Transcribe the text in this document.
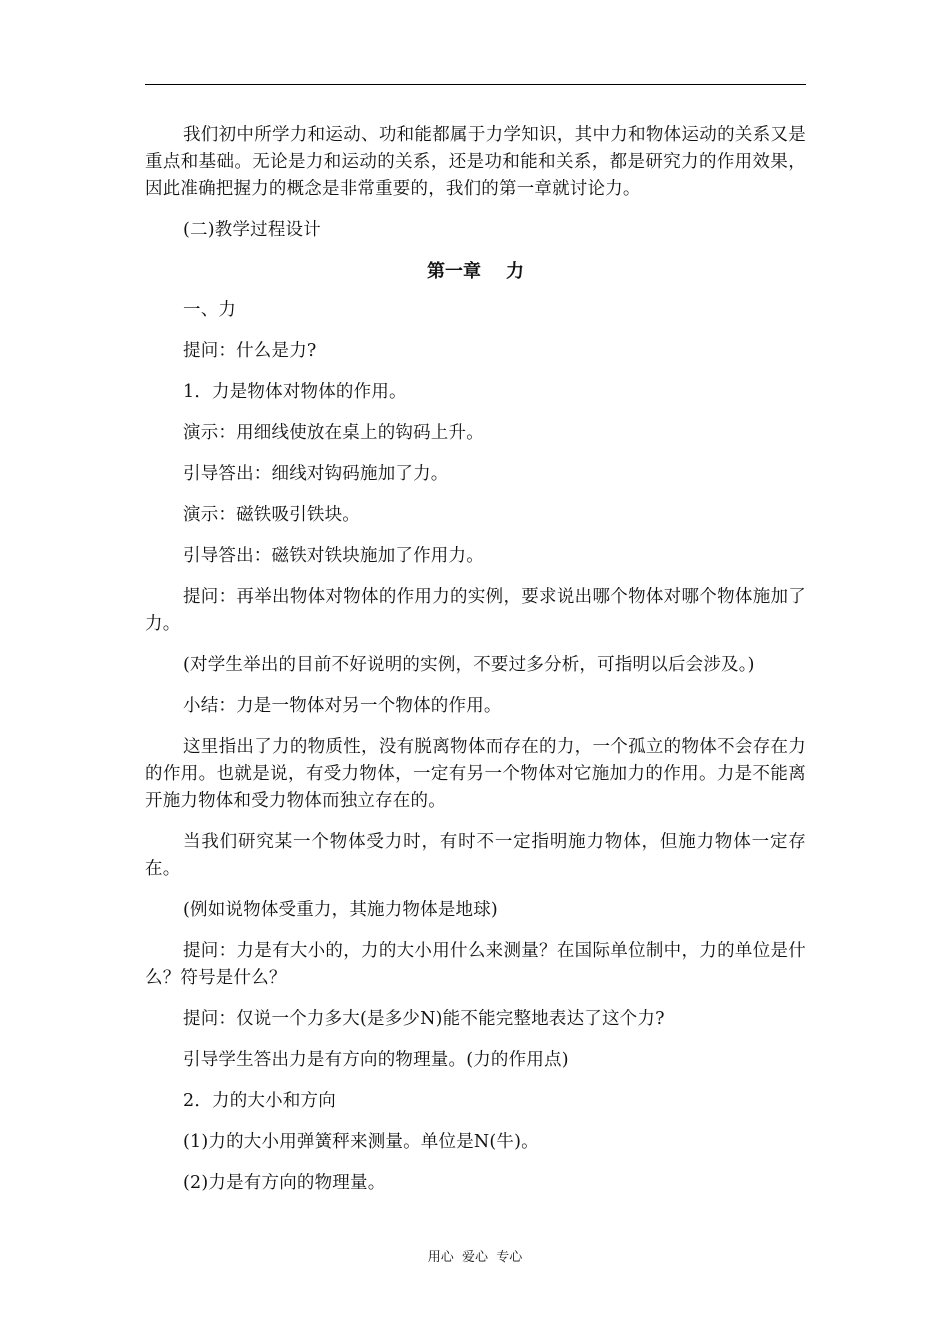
我们初中所学力和运动、功和能都属于力学知识，其中力和物体运动的关系又是重点和基础。无论是力和运动的关系，还是功和能和关系，都是研究力的作用效果，因此准确把握力的概念是非常重要的，我们的第一章就讨论力。

(二)教学过程设计

第一章    力

一、力

提问：什么是力?

1．力是物体对物体的作用。

演示：用细线使放在桌上的钩码上升。

引导答出：细线对钩码施加了力。

演示：磁铁吸引铁块。

引导答出：磁铁对铁块施加了作用力。

提问：再举出物体对物体的作用力的实例，要求说出哪个物体对哪个物体施加了力。

(对学生举出的目前不好说明的实例，不要过多分析，可指明以后会涉及。)

小结：力是一物体对另一个物体的作用。

这里指出了力的物质性，没有脱离物体而存在的力，一个孤立的物体不会存在力的作用。也就是说，有受力物体，一定有另一个物体对它施加力的作用。力是不能离开施力物体和受力物体而独立存在的。

当我们研究某一个物体受力时，有时不一定指明施力物体，但施力物体一定存在。

(例如说物体受重力，其施力物体是地球)

提问：力是有大小的，力的大小用什么来测量？在国际单位制中，力的单位是什么？符号是什么？

提问：仅说一个力多大(是多少N)能不能完整地表达了这个力?

引导学生答出力是有方向的物理量。(力的作用点)

2．力的大小和方向

(1)力的大小用弹簧秤来测量。单位是N(牛)。

(2)力是有方向的物理量。

用心  爱心  专心
